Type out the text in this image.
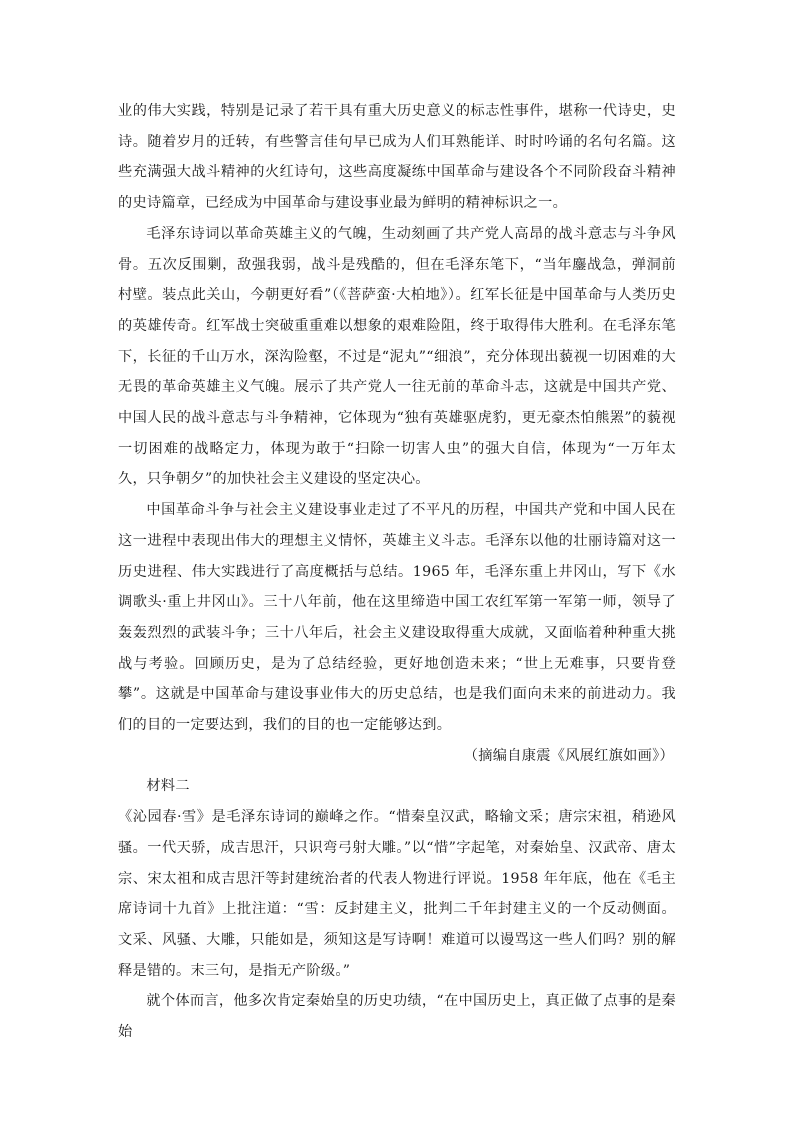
业的伟大实践，特别是记录了若干具有重大历史意义的标志性事件，堪称一代诗史，史诗。随着岁月的迁转，有些警言佳句早已成为人们耳熟能详、时时吟诵的名句名篇。这些充满强大战斗精神的火红诗句，这些高度凝练中国革命与建设各个不同阶段奋斗精神的史诗篇章，已经成为中国革命与建设事业最为鲜明的精神标识之一。

毛泽东诗词以革命英雄主义的气魄，生动刻画了共产党人高昂的战斗意志与斗争风骨。五次反围剿，敌强我弱，战斗是残酷的，但在毛泽东笔下，“当年鏖战急，弹洞前村壁。装点此关山，今朝更好看”（《菩萨蛮·大柏地》）。红军长征是中国革命与人类历史的英雄传奇。红军战士突破重重难以想象的艰难险阻，终于取得伟大胜利。在毛泽东笔下，长征的千山万水，深沟险壑，不过是“泥丸”“细浪”，充分体现出藐视一切困难的大无畏的革命英雄主义气魄。展示了共产党人一往无前的革命斗志，这就是中国共产党、中国人民的战斗意志与斗争精神，它体现为“独有英雄驱虎豹，更无豪杰怕熊罴”的藐视一切困难的战略定力，体现为敢于“扫除一切害人虫”的强大自信，体现为“一万年太久，只争朝夕”的加快社会主义建设的坚定决心。

中国革命斗争与社会主义建设事业走过了不平凡的历程，中国共产党和中国人民在这一进程中表现出伟大的理想主义情怀，英雄主义斗志。毛泽东以他的壮丽诗篇对这一历史进程、伟大实践进行了高度概括与总结。1965 年，毛泽东重上井冈山，写下《水调歌头·重上井冈山》。三十八年前，他在这里缔造中国工农红军第一军第一师，领导了轰轰烈烈的武装斗争；三十八年后，社会主义建设取得重大成就，又面临着种种重大挑战与考验。回顾历史，是为了总结经验，更好地创造未来；“世上无难事，只要肯登攀”。这就是中国革命与建设事业伟大的历史总结，也是我们面向未来的前进动力。我们的目的一定要达到，我们的目的也一定能够达到。

（摘编自康震《风展红旗如画》）

材料二

《沁园春·雪》是毛泽东诗词的巅峰之作。“惜秦皇汉武，略输文采；唐宗宋祖，稍逊风骚。一代天骄，成吉思汗，只识弯弓射大雕。”以“惜”字起笔，对秦始皇、汉武帝、唐太宗、宋太祖和成吉思汗等封建统治者的代表人物进行评说。1958 年年底，他在《毛主席诗词十九首》上批注道：“雪：反封建主义，批判二千年封建主义的一个反动侧面。文采、风骚、大雕，只能如是，须知这是写诗啊！难道可以谩骂这一些人们吗？别的解释是错的。末三句，是指无产阶级。”

就个体而言，他多次肯定秦始皇的历史功绩，“在中国历史上，真正做了点事的是秦始
